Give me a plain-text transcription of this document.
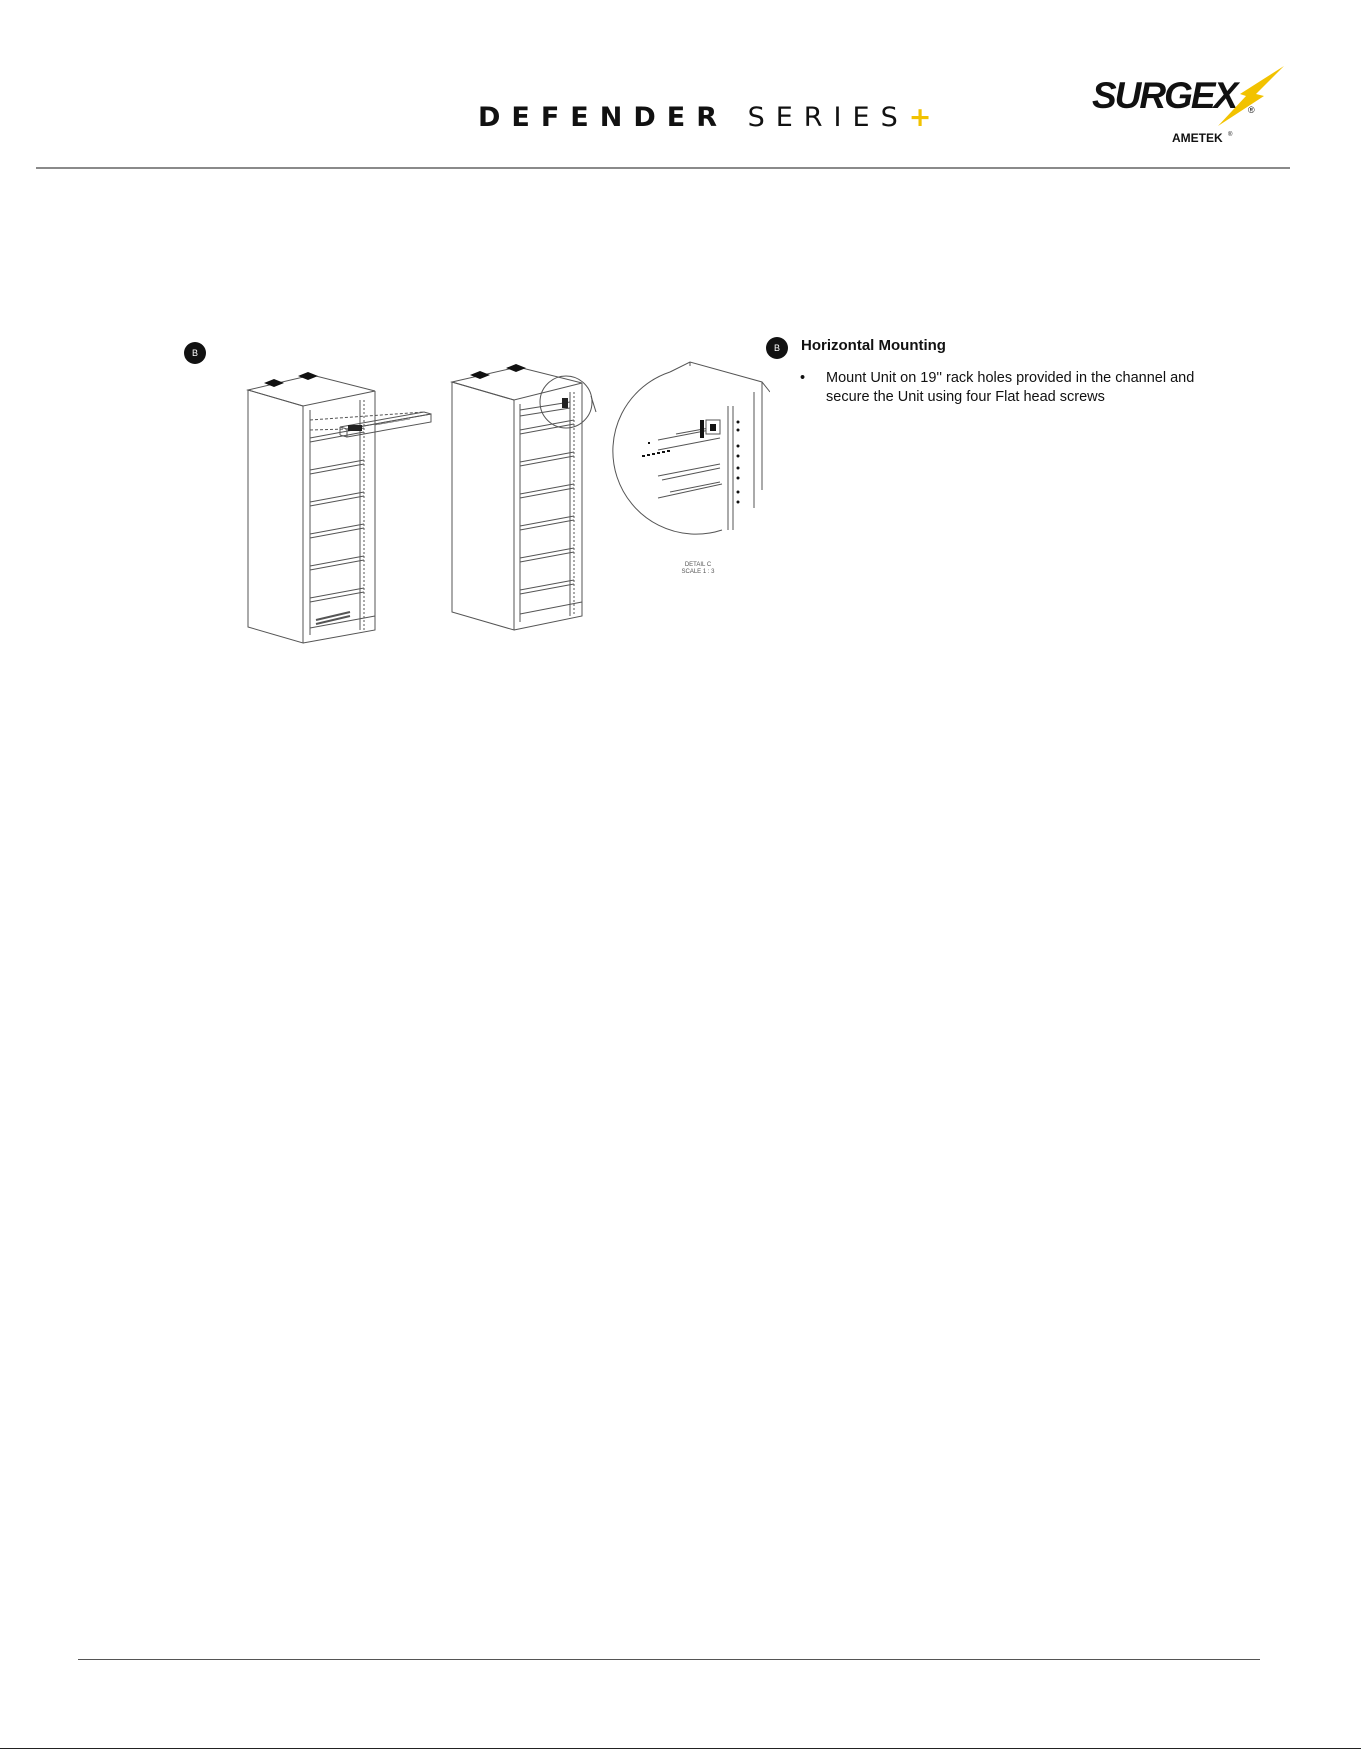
DEFENDER SERIES+
SURGEX	®
AMETEK ®
B
DETAIL C
SCALE 1 : 3
B	Horizontal Mounting
• Mount Unit on 19'' rack holes provided in the channel and secure the Unit using four Flat head screws
